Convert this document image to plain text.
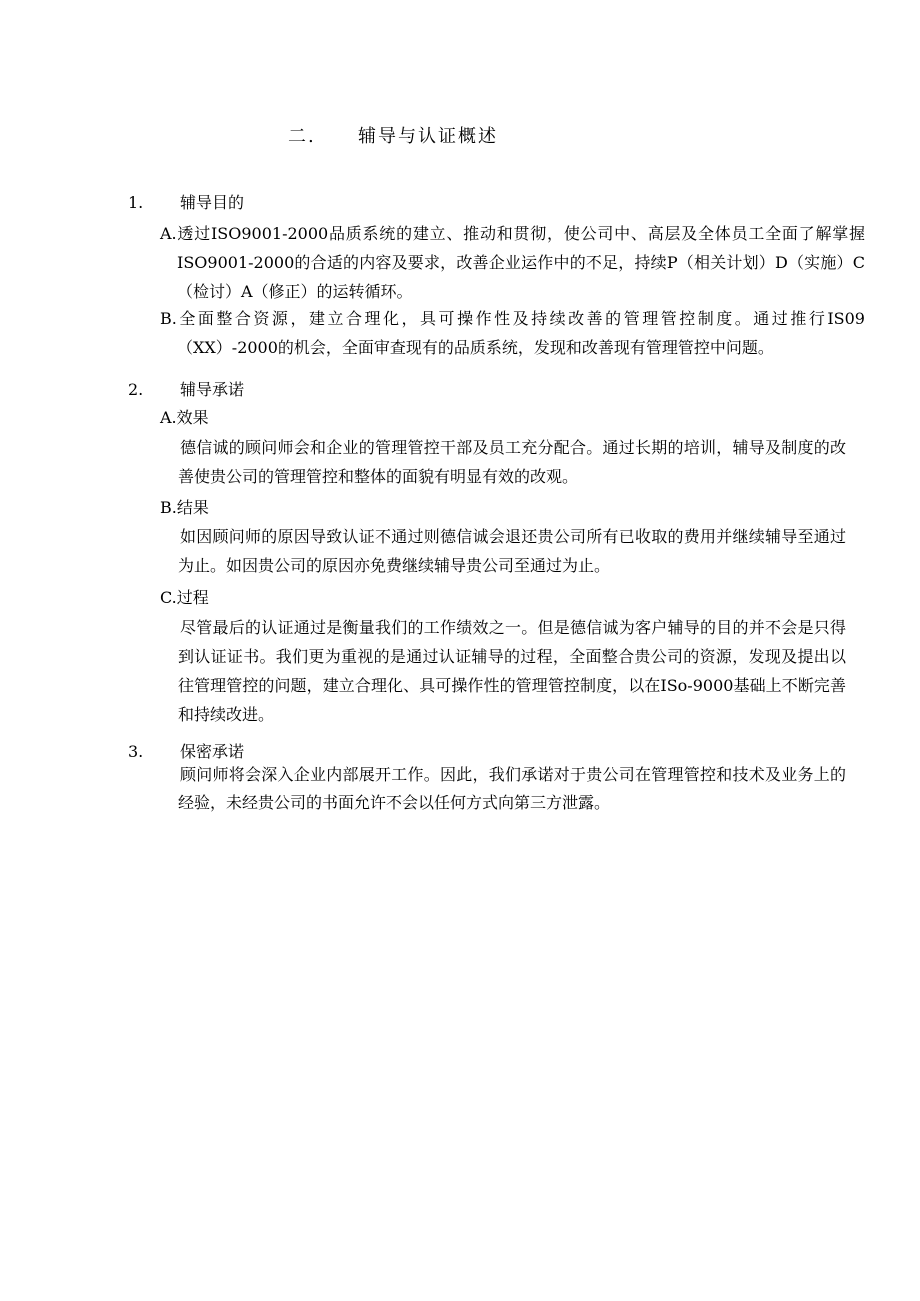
二. 辅导与认证概述
1. 辅导目的
A.透过ISO9001-2000品质系统的建立、推动和贯彻，使公司中、高层及全体员工全面了解掌握ISO9001-2000的合适的内容及要求，改善企业运作中的不足，持续P（相关计划）D（实施）C（检讨）A（修正）的运转循环。
B.全面整合资源，建立合理化，具可操作性及持续改善的管理管控制度。通过推行IS09（XX）-2000的机会，全面审查现有的品质系统，发现和改善现有管理管控中问题。
2. 辅导承诺
A.效果
德信诚的顾问师会和企业的管理管控干部及员工充分配合。通过长期的培训，辅导及制度的改善使贵公司的管理管控和整体的面貌有明显有效的改观。
B.结果
如因顾问师的原因导致认证不通过则德信诚会退还贵公司所有已收取的费用并继续辅导至通过为止。如因贵公司的原因亦免费继续辅导贵公司至通过为止。
C.过程
尽管最后的认证通过是衡量我们的工作绩效之一。但是德信诚为客户辅导的目的并不会是只得到认证证书。我们更为重视的是通过认证辅导的过程，全面整合贵公司的资源，发现及提出以往管理管控的问题，建立合理化、具可操作性的管理管控制度，以在ISo-9000基础上不断完善和持续改进。
3. 保密承诺
顾问师将会深入企业内部展开工作。因此，我们承诺对于贵公司在管理管控和技术及业务上的经验，未经贵公司的书面允许不会以任何方式向第三方泄露。
